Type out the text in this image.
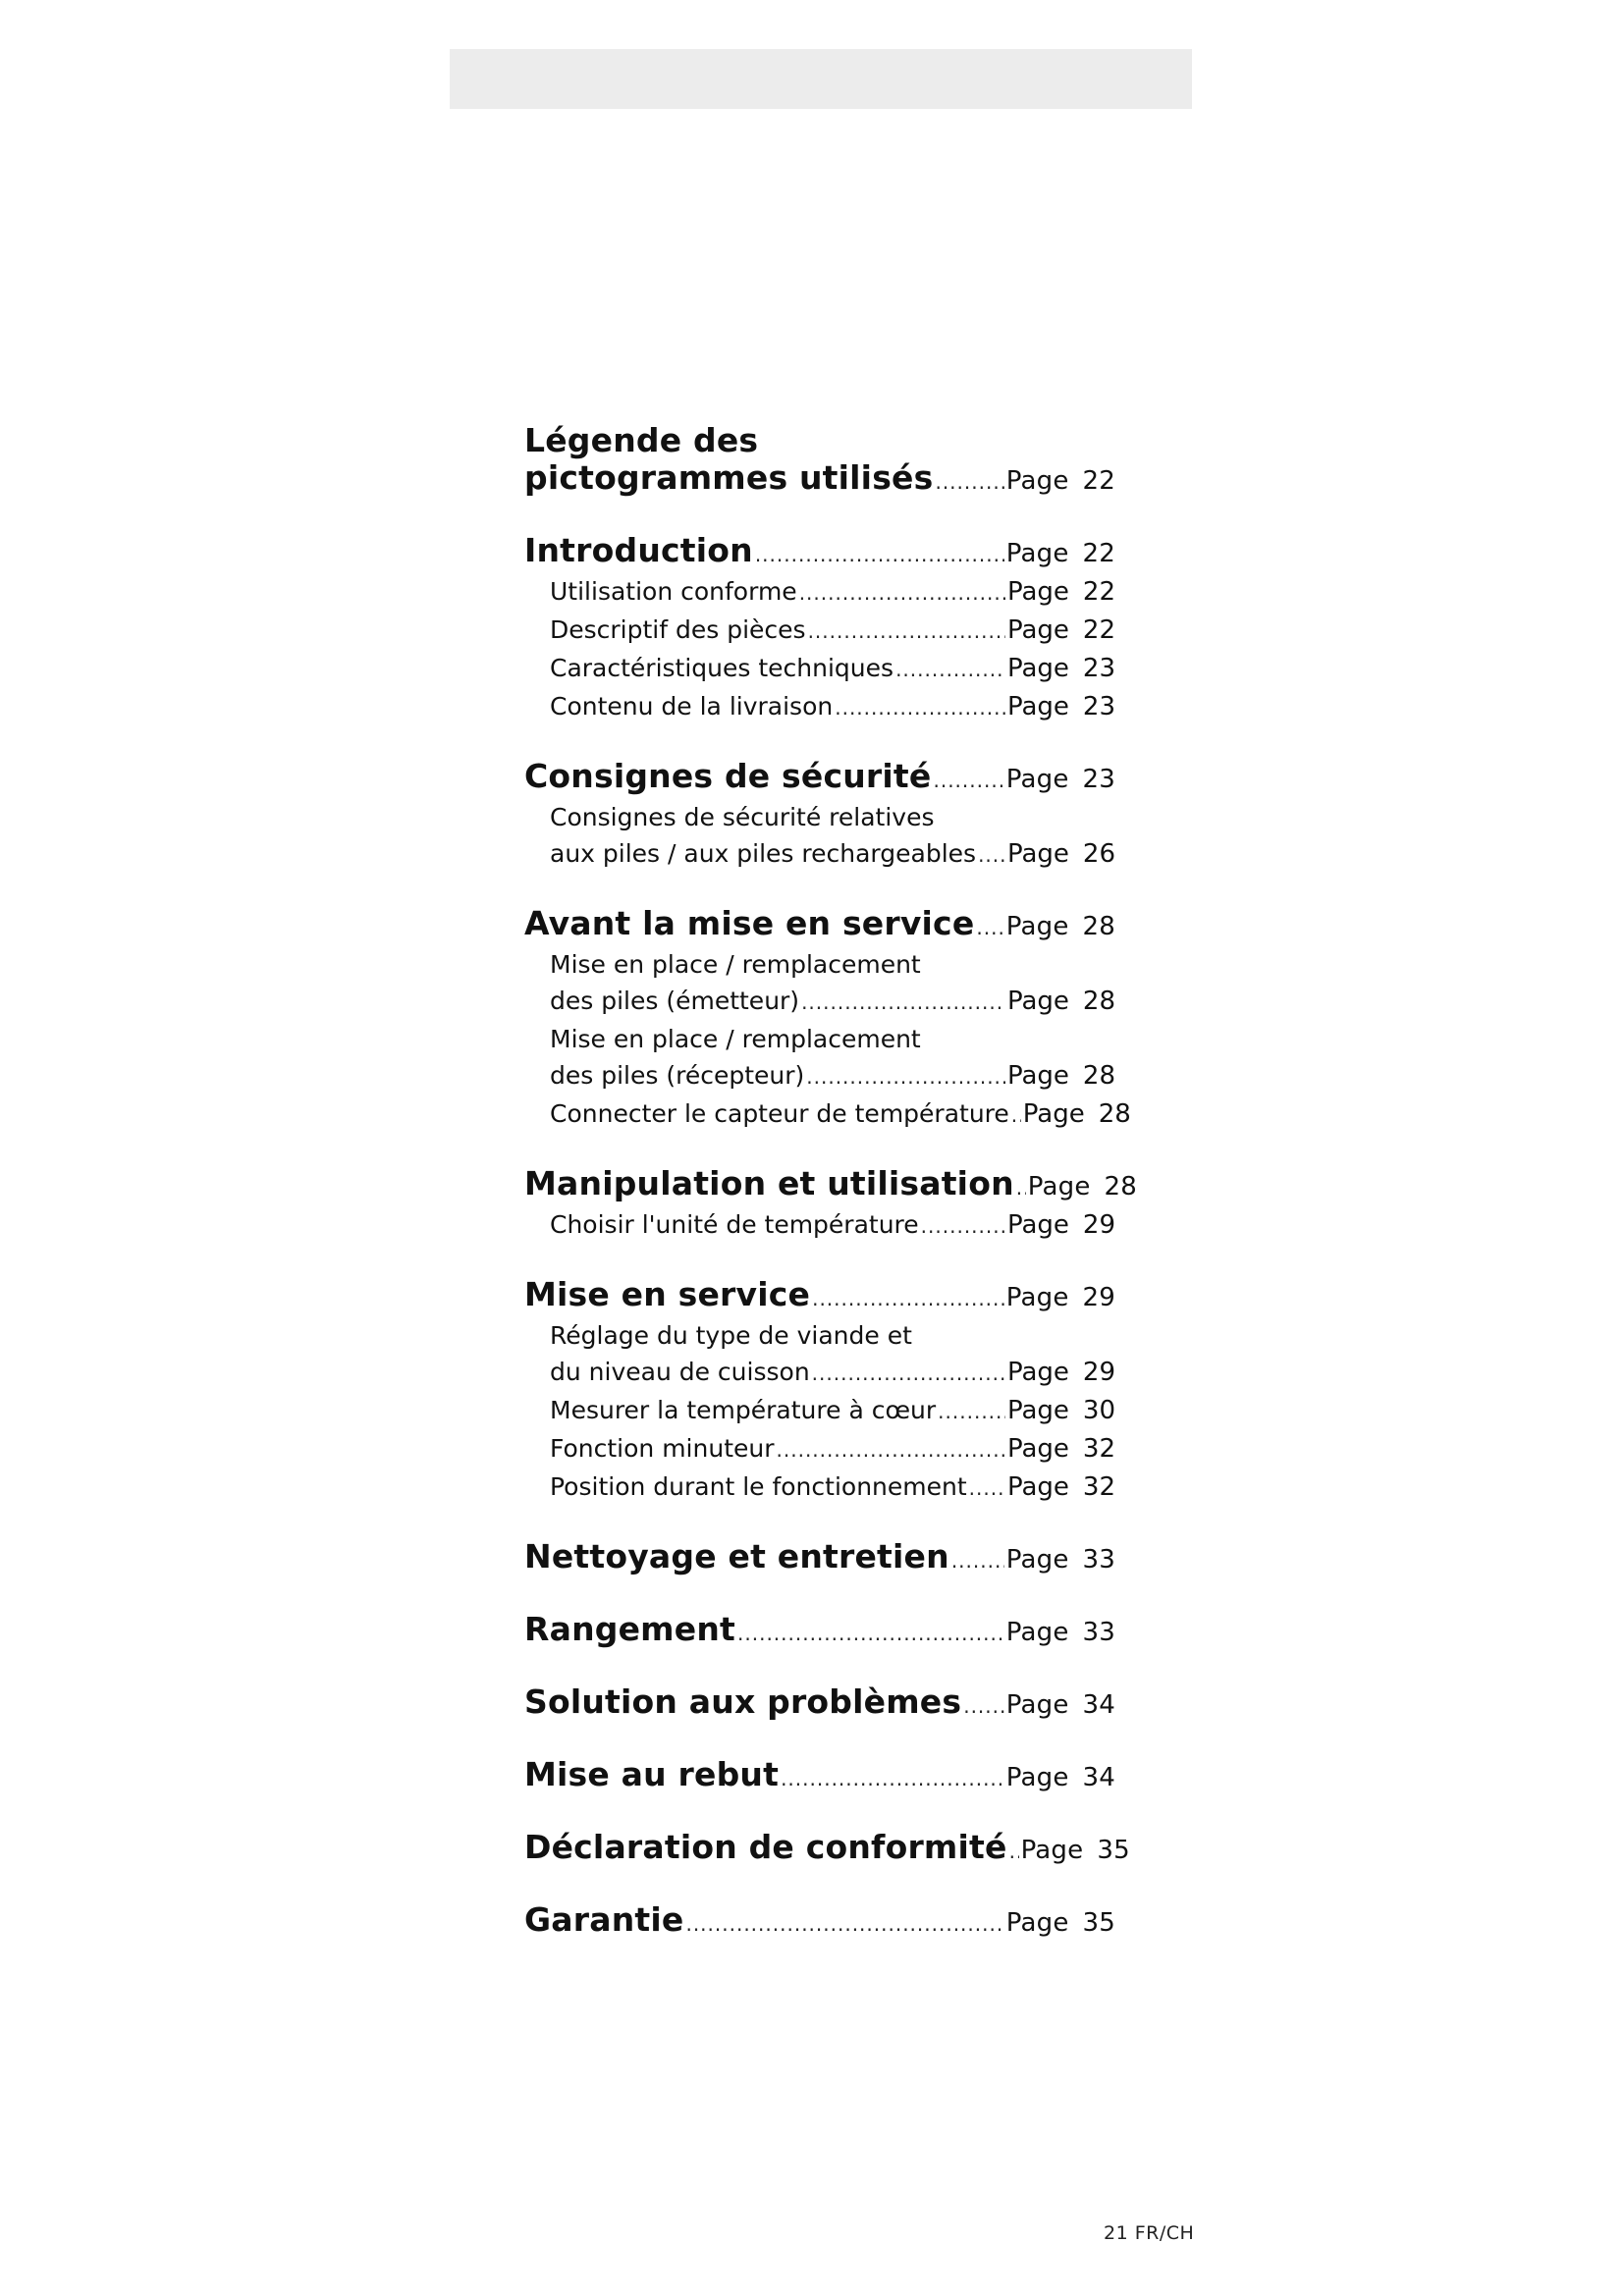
Légende des
pictogrammes utilisés .....	Page 22
Introduction .....	Page 22
Utilisation conforme .....	Page 22
Descriptif des pièces .....	Page 22
Caractéristiques techniques .....	Page 23
Contenu de la livraison .....	Page 23
Consignes de sécurité .....	Page 23
Consignes de sécurité relatives
aux piles / aux piles rechargeables ..... Page 26
Avant la mise en service ..... Page 28
Mise en place / remplacement
des piles (émetteur) .....	Page 28
Mise en place / remplacement
des piles (récepteur) .....	Page 28
Connecter le capteur de température ..... Page 28
Manipulation et utilisation ..... Page 28
Choisir l'unité de température .....	Page 29
Mise en service .....	Page 29
Réglage du type de viande et
du niveau de cuisson .....	Page 29
Mesurer la température à cœur .....	Page 30
Fonction minuteur .....	Page 32
Position durant le fonctionnement ..... Page 32
Nettoyage et entretien ..... Page 33
Rangement .....	Page 33
Solution aux problèmes ..... Page 34
Mise au rebut .....	Page 34
Déclaration de conformité ..... Page 35
Garantie .....	Page 35
21 FR/CH
